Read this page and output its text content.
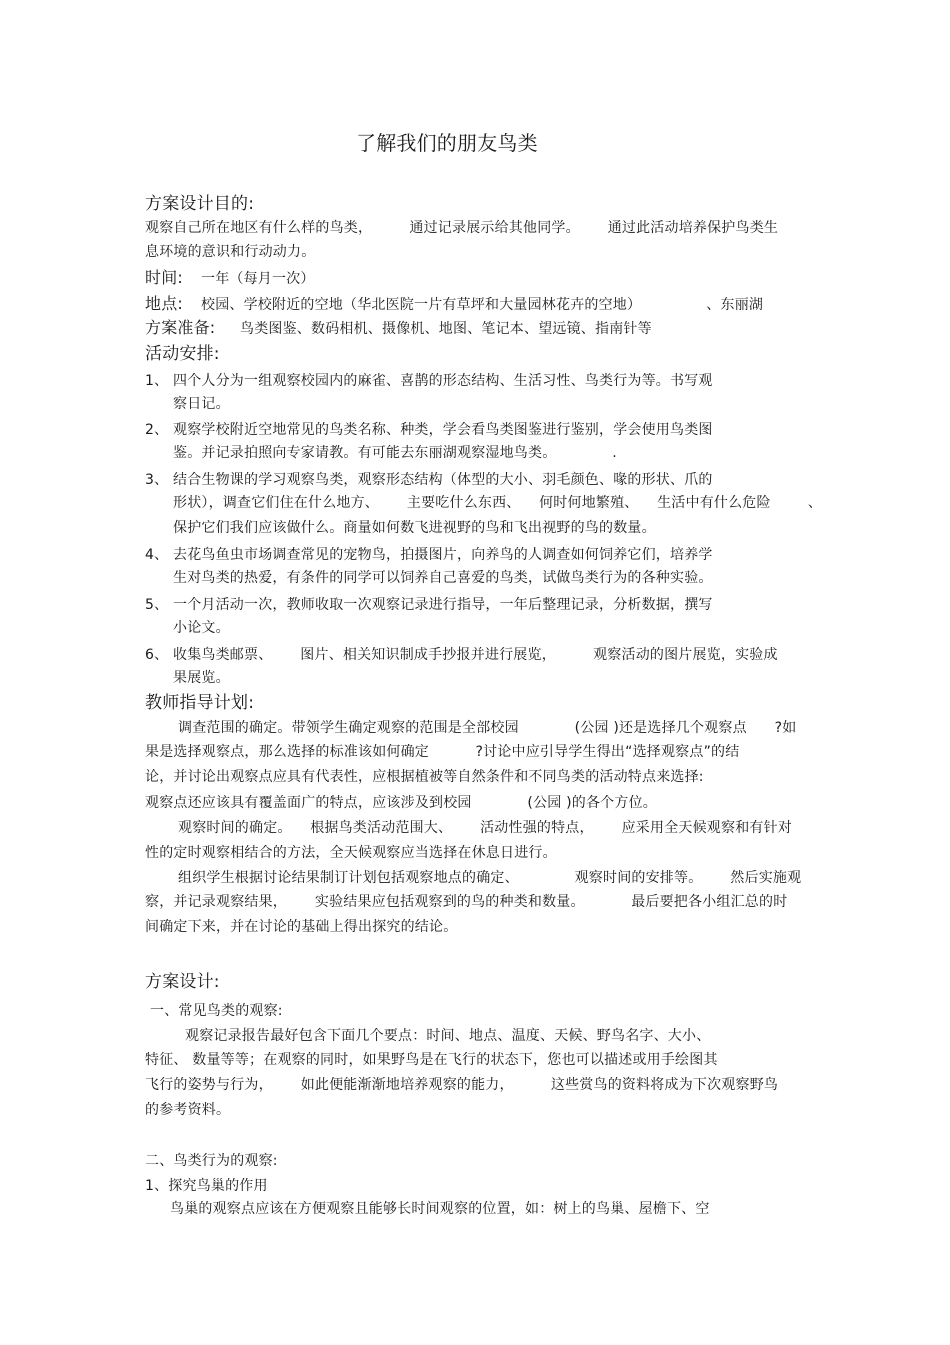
了解我们的朋友鸟类
方案设计目的:
观察自己所在地区有什么样的鸟类，        通过记录展示给其他同学。      通过此活动培养保护鸟类生
息环境的意识和行动动力。
时间: 一年（每月一次）
地点: 校园、学校附近的空地（华北医院一片有草坪和大量园林花卉的空地）              、东丽湖
方案准备: 鸟类图鉴、数码相机、摄像机、地图、笔记本、望远镜、指南针等
活动安排:
1、 四个人分为一组观察校园内的麻雀、喜鹊的形态结构、生活习性、鸟类行为等。书写观
察日记。
2、 观察学校附近空地常见的鸟类名称、种类，学会看鸟类图鉴进行鉴别，学会使用鸟类图
鉴。并记录拍照向专家请教。有可能去东丽湖观察湿地鸟类。            .
3、 结合生物课的学习观察鸟类，观察形态结构（体型的大小、羽毛颜色、喙的形状、爪的
形状），调查它们住在什么地方、      主要吃什么东西、    何时何地繁殖、    生活中有什么危险        、
保护它们我们应该做什么。商量如何数飞进视野的鸟和飞出视野的鸟的数量。
4、 去花鸟鱼虫市场调查常见的宠物鸟，拍摄图片，向养鸟的人调查如何饲养它们，培养学
生对鸟类的热爱，有条件的同学可以饲养自己喜爱的鸟类，试做鸟类行为的各种实验。
5、 一个月活动一次，教师收取一次观察记录进行指导，一年后整理记录，分析数据，撰写
小论文。
6、 收集鸟类邮票、      图片、相关知识制成手抄报并进行展览，        观察活动的图片展览，实验成
果展览。
教师指导计划:
调查范围的确定。带领学生确定观察的范围是全部校园            (公园 )还是选择几个观察点      ?如
果是选择观察点，那么选择的标准该如何确定          ?讨论中应引导学生得出“选择观察点”的结
论，并讨论出观察点应具有代表性，应根据植被等自然条件和不同鸟类的活动特点来选择:
观察点还应该具有覆盖面广的特点，应该涉及到校园            (公园 )的各个方位。
观察时间的确定。    根据鸟类活动范围大、      活动性强的特点，      应采用全天候观察和有针对
性的定时观察相结合的方法，全天候观察应当选择在休息日进行。
组织学生根据讨论结果制订计划包括观察地点的确定、            观察时间的安排等。      然后实施观
察，并记录观察结果，      实验结果应包括观察到的鸟的种类和数量。          最后要把各小组汇总的时
间确定下来，并在讨论的基础上得出探究的结论。
方案设计:
一、常见鸟类的观察:
观察记录报告最好包含下面几个要点：时间、地点、温度、天候、野鸟名字、大小、
特征、 数量等等；在观察的同时，如果野鸟是在飞行的状态下，您也可以描述或用手绘图其
飞行的姿势与行为，      如此便能渐渐地培养观察的能力，        这些赏鸟的资料将成为下次观察野鸟
的参考资料。
二、鸟类行为的观察:
1、探究鸟巢的作用
鸟巢的观察点应该在方便观察且能够长时间观察的位置，如：树上的鸟巢、屋檐下、空
